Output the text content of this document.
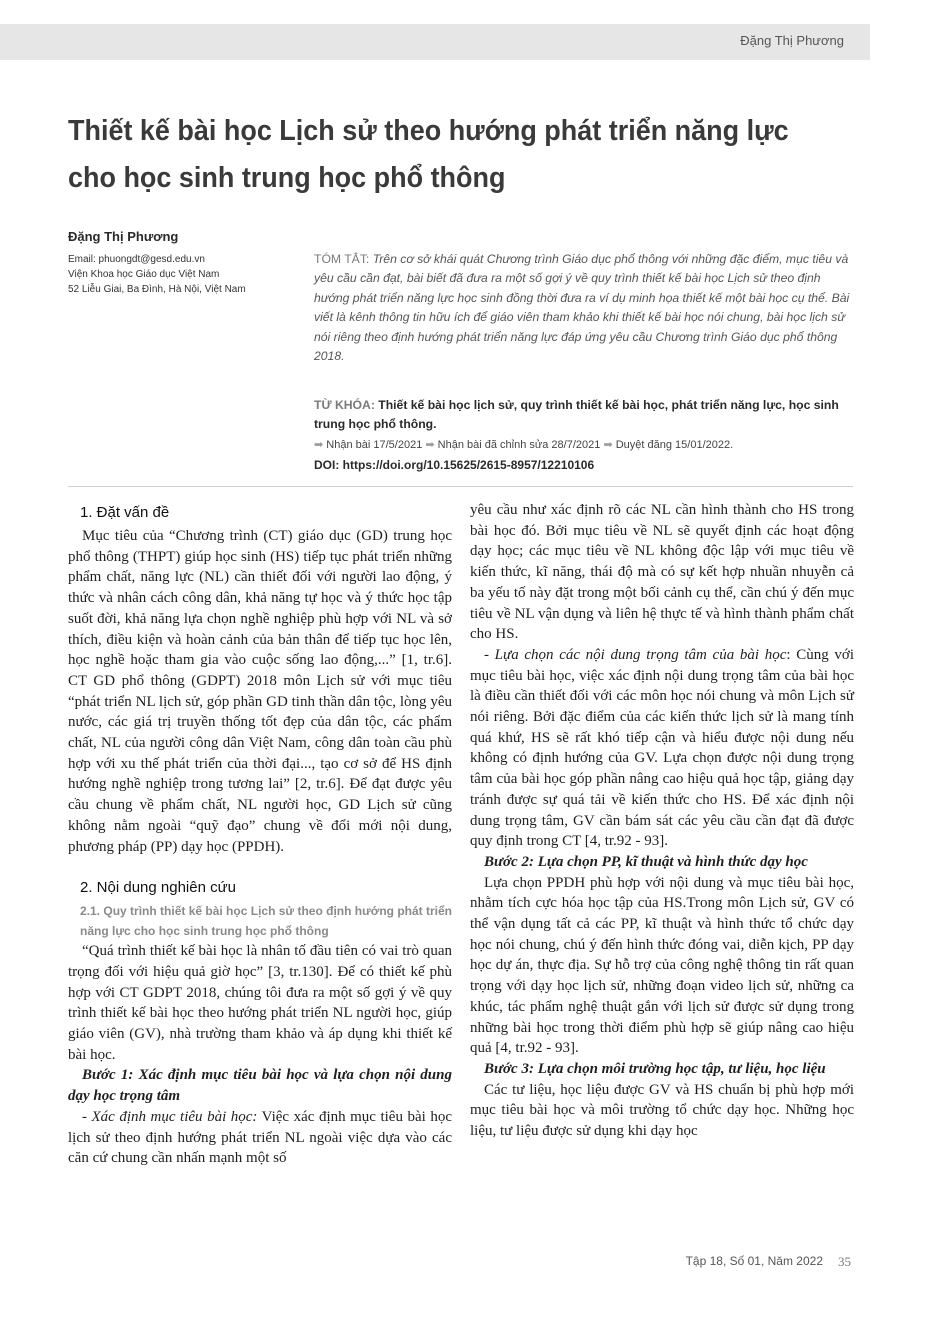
Đặng Thị Phương
Thiết kế bài học Lịch sử theo hướng phát triển năng lực
cho học sinh trung học phổ thông
Đặng Thị Phương
Email: phuongdt@gesd.edu.vn
Viện Khoa học Giáo dục Việt Nam
52 Liễu Giai, Ba Đình, Hà Nội, Việt Nam
TÓM TẮT: Trên cơ sở khái quát Chương trình Giáo dục phổ thông với những đặc điểm, mục tiêu và yêu cầu cần đạt, bài biết đã đưa ra một số gợi ý về quy trình thiết kế bài học Lịch sử theo định hướng phát triển năng lực học sinh đồng thời đưa ra ví dụ minh họa thiết kế một bài học cụ thể. Bài viết là kênh thông tin hữu ích để giáo viên tham khảo khi thiết kế bài học nói chung, bài học lịch sử nói riêng theo định hướng phát triển năng lực đáp ứng yêu cầu Chương trình Giáo dục phổ thông 2018.
TỪ KHÓA: Thiết kế bài học lịch sử, quy trình thiết kế bài học, phát triển năng lực, học sinh trung học phổ thông.
➡ Nhận bài 17/5/2021 ➡ Nhận bài đã chỉnh sửa 28/7/2021 ➡ Duyệt đăng 15/01/2022.
DOI: https://doi.org/10.15625/2615-8957/12210106
1. Đặt vấn đề

Mục tiêu của “Chương trình (CT) giáo dục (GD) trung học phổ thông (THPT) giúp học sinh (HS) tiếp tục phát triển những phẩm chất, năng lực (NL) cần thiết đối với người lao động, ý thức và nhân cách công dân, khả năng tự học và ý thức học tập suốt đời, khả năng lựa chọn nghề nghiệp phù hợp với NL và sở thích, điều kiện và hoàn cảnh của bản thân để tiếp tục học lên, học nghề hoặc tham gia vào cuộc sống lao động,...” [1, tr.6]. CT GD phổ thông (GDPT) 2018 môn Lịch sử với mục tiêu “phát triển NL lịch sử, góp phần GD tinh thần dân tộc, lòng yêu nước, các giá trị truyền thống tốt đẹp của dân tộc, các phẩm chất, NL của người công dân Việt Nam, công dân toàn cầu phù hợp với xu thế phát triển của thời đại..., tạo cơ sở để HS định hướng nghề nghiệp trong tương lai” [2, tr.6]. Để đạt được yêu cầu chung về phẩm chất, NL người học, GD Lịch sử cũng không nằm ngoài “quỹ đạo” chung về đổi mới nội dung, phương pháp (PP) dạy học (PPDH).

2. Nội dung nghiên cứu

2.1. Quy trình thiết kế bài học Lịch sử theo định hướng phát triển năng lực cho học sinh trung học phổ thông

“Quá trình thiết kế bài học là nhân tố đầu tiên có vai trò quan trọng đối với hiệu quả giờ học” [3, tr.130]. Để có thiết kế phù hợp với CT GDPT 2018, chúng tôi đưa ra một số gợi ý về quy trình thiết kế bài học theo hướng phát triển NL người học, giúp giáo viên (GV), nhà trường tham khảo và áp dụng khi thiết kế bài học.

Bước 1: Xác định mục tiêu bài học và lựa chọn nội dung dạy học trọng tâm

- Xác định mục tiêu bài học: Việc xác định mục tiêu bài học lịch sử theo định hướng phát triển NL ngoài việc dựa vào các căn cứ chung cần nhấn mạnh một số

yêu cầu như xác định rõ các NL cần hình thành cho HS trong bài học đó. Bởi mục tiêu về NL sẽ quyết định các hoạt động dạy học; các mục tiêu về NL không độc lập với mục tiêu về kiến thức, kĩ năng, thái độ mà có sự kết hợp nhuần nhuyễn cả ba yếu tố này đặt trong một bối cảnh cụ thể, cần chú ý đến mục tiêu về NL vận dụng và liên hệ thực tế và hình thành phẩm chất cho HS.

- Lựa chọn các nội dung trọng tâm của bài học: Cùng với mục tiêu bài học, việc xác định nội dung trọng tâm của bài học là điều cần thiết đối với các môn học nói chung và môn Lịch sử nói riêng. Bởi đặc điểm của các kiến thức lịch sử là mang tính quá khứ, HS sẽ rất khó tiếp cận và hiểu được nội dung nếu không có định hướng của GV. Lựa chọn được nội dung trọng tâm của bài học góp phần nâng cao hiệu quả học tập, giảng dạy tránh được sự quá tải về kiến thức cho HS. Để xác định nội dung trọng tâm, GV cần bám sát các yêu cầu cần đạt đã được quy định trong CT [4, tr.92 - 93].

Bước 2: Lựa chọn PP, kĩ thuật và hình thức dạy học

Lựa chọn PPDH phù hợp với nội dung và mục tiêu bài học, nhằm tích cực hóa học tập của HS.Trong môn Lịch sử, GV có thể vận dụng tất cả các PP, kĩ thuật và hình thức tổ chức dạy học nói chung, chú ý đến hình thức đóng vai, diễn kịch, PP dạy học dự án, thực địa. Sự hỗ trợ của công nghệ thông tin rất quan trọng với dạy học lịch sử, những đoạn video lịch sử, những ca khúc, tác phẩm nghệ thuật gắn với lịch sử được sử dụng trong những bài học trong thời điểm phù hợp sẽ giúp nâng cao hiệu quả [4, tr.92 - 93].

Bước 3: Lựa chọn môi trường học tập, tư liệu, học liệu

Các tư liệu, học liệu được GV và HS chuẩn bị phù hợp mới mục tiêu bài học và môi trường tổ chức dạy học. Những học liệu, tư liệu được sử dụng khi dạy học

Tập 18, Số 01, Năm 2022 35
